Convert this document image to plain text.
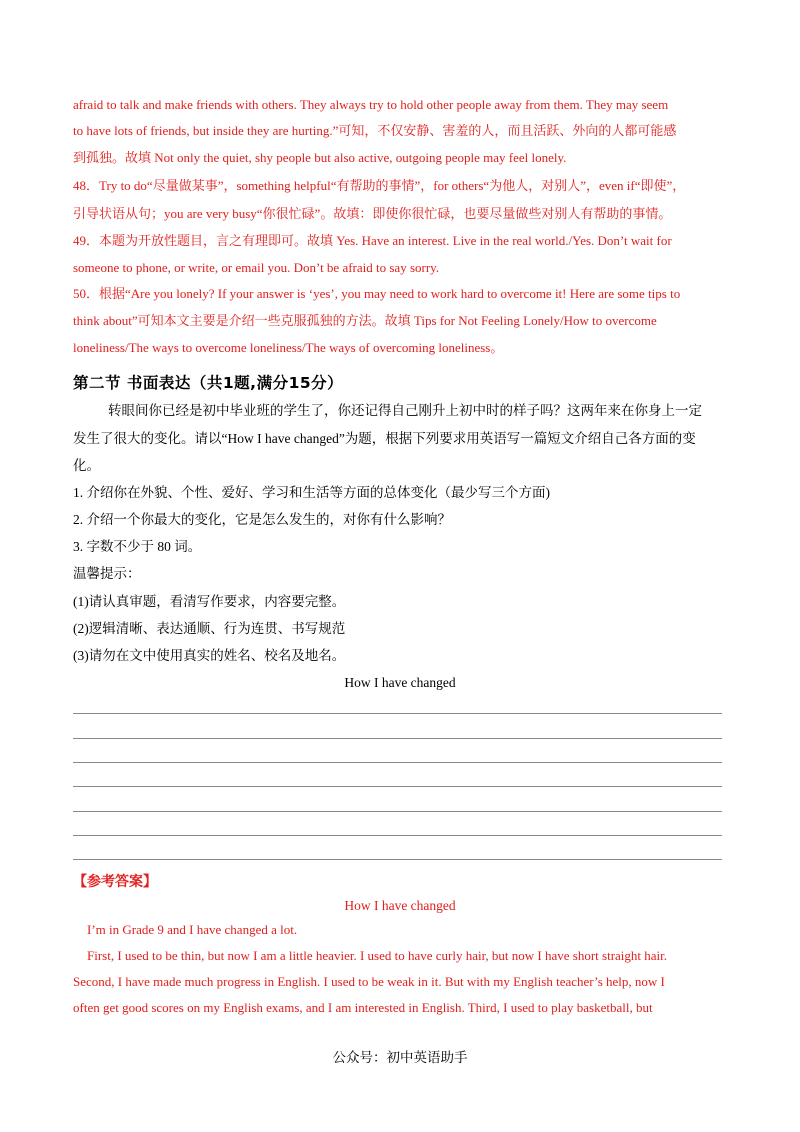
afraid to talk and make friends with others. They always try to hold other people away from them. They may seem
to have lots of friends, but inside they are hurting.”可知，不仅安静、害羞的人，而且活跃、外向的人都可能感
到孤独。故填 Not only the quiet, shy people but also active, outgoing people may feel lonely.
48．Try to do“尽量做某事”，something helpful“有帮助的事情”，for others“为他人，对别人”，even if“即使”，
引导状语从句；you are very busy“你很忙碌”。故填：即使你很忙碌，也要尽量做些对别人有帮助的事情。
49．本题为开放性题目，言之有理即可。故填 Yes. Have an interest. Live in the real world./Yes. Don’t wait for
someone to phone, or write, or email you. Don’t be afraid to say sorry.
50．根据“Are you lonely? If your answer is ‘yes’, you may need to work hard to overcome it! Here are some tips to
think about”可知本文主要是介绍一些克服孤独的方法。故填 Tips for Not Feeling Lonely/How to overcome
loneliness/The ways to overcome loneliness/The ways of overcoming loneliness。
第二节 书面表达（共1题,满分15分）
转眼间你已经是初中毕业班的学生了，你还记得自己刚升上初中时的样子吗？这两年来在你身上一定
发生了很大的变化。请以“How I have changed”为题，根据下列要求用英语写一篇短文介绍自己各方面的变
化。
1. 介绍你在外貌、个性、爱好、学习和生活等方面的总体变化（最少写三个方面)
2. 介绍一个你最大的变化，它是怎么发生的，对你有什么影响？
3. 字数不少于 80 词。
温馨提示：
(1)请认真审题，看清写作要求，内容要完整。
(2)逻辑清晰、表达通顺、行为连贯、书写规范
(3)请勿在文中使用真实的姓名、校名及地名。
How I have changed
【参考答案】
How I have changed
I’m in Grade 9 and I have changed a lot.
First, I used to be thin, but now I am a little heavier. I used to have curly hair, but now I have short straight hair.
Second, I have made much progress in English. I used to be weak in it. But with my English teacher’s help, now I
often get good scores on my English exams, and I am interested in English. Third, I used to play basketball, but
公众号：初中英语助手
